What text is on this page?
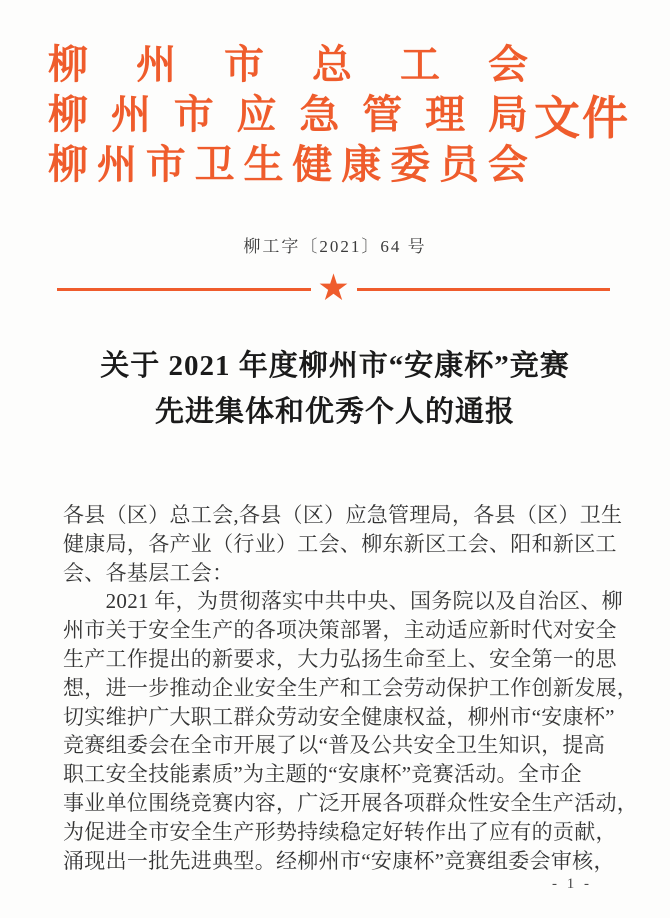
柳 州 市 总 工 会
柳 州 市 应 急 管 理 局
柳 州 市 卫 生 健 康 委 员 会
文件
柳工字〔2021〕64 号
★
关于 2021 年度柳州市“安康杯”竞赛
先进集体和优秀个人的通报
各县（区）总工会,各县（区）应急管理局，各县（区）卫生
健康局，各产业（行业）工会、柳东新区工会、阳和新区工
会、各基层工会：
　　2021 年，为贯彻落实中共中央、国务院以及自治区、柳
州市关于安全生产的各项决策部署，主动适应新时代对安全
生产工作提出的新要求，大力弘扬生命至上、安全第一的思
想，进一步推动企业安全生产和工会劳动保护工作创新发展，
切实维护广大职工群众劳动安全健康权益，柳州市“安康杯”
竞赛组委会在全市开展了以“普及公共安全卫生知识，提高
职工安全技能素质”为主题的“安康杯”竞赛活动。全市企
事业单位围绕竞赛内容，广泛开展各项群众性安全生产活动，
为促进全市安全生产形势持续稳定好转作出了应有的贡献，
涌现出一批先进典型。经柳州市“安康杯”竞赛组委会审核，
- 1 -
